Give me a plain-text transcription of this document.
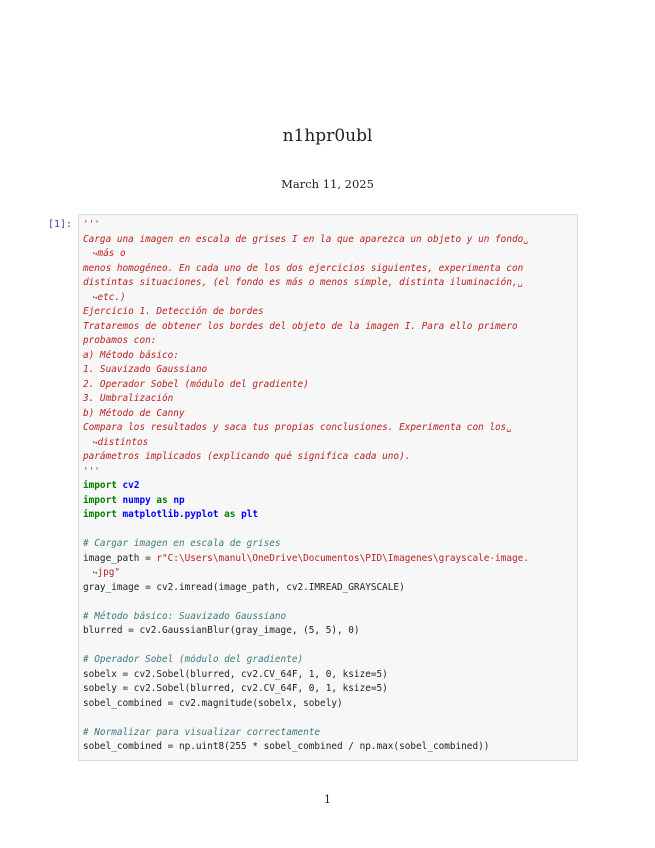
n1hpr0ubl
March 11, 2025
[1]: '''
Carga una imagen en escala de grises I en la que aparezca un objeto y un fondo␣
↪más o
menos homogéneo. En cada uno de los dos ejercicios siguientes, experimenta con
distintas situaciones, (el fondo es más o menos simple, distinta iluminación,␣
↪etc.)
Ejercicio 1. Detección de bordes
Trataremos de obtener los bordes del objeto de la imagen I. Para ello primero
probamos con:
a) Método básico:
1. Suavizado Gaussiano
2. Operador Sobel (módulo del gradiente)
3. Umbralización
b) Método de Canny
Compara los resultados y saca tus propias conclusiones. Experimenta con los␣
↪distintos
parámetros implicados (explicando qué significa cada uno).
'''
import cv2
import numpy as np
import matplotlib.pyplot as plt

# Cargar imagen en escala de grises
image_path = r"C:\Users\manul\OneDrive\Documentos\PID\Imagenes\grayscale-image.
↪jpg"
gray_image = cv2.imread(image_path, cv2.IMREAD_GRAYSCALE)

# Método básico: Suavizado Gaussiano
blurred = cv2.GaussianBlur(gray_image, (5, 5), 0)

# Operador Sobel (módulo del gradiente)
sobelx = cv2.Sobel(blurred, cv2.CV_64F, 1, 0, ksize=5)
sobely = cv2.Sobel(blurred, cv2.CV_64F, 0, 1, ksize=5)
sobel_combined = cv2.magnitude(sobelx, sobely)

# Normalizar para visualizar correctamente
sobel_combined = np.uint8(255 * sobel_combined / np.max(sobel_combined))
1
